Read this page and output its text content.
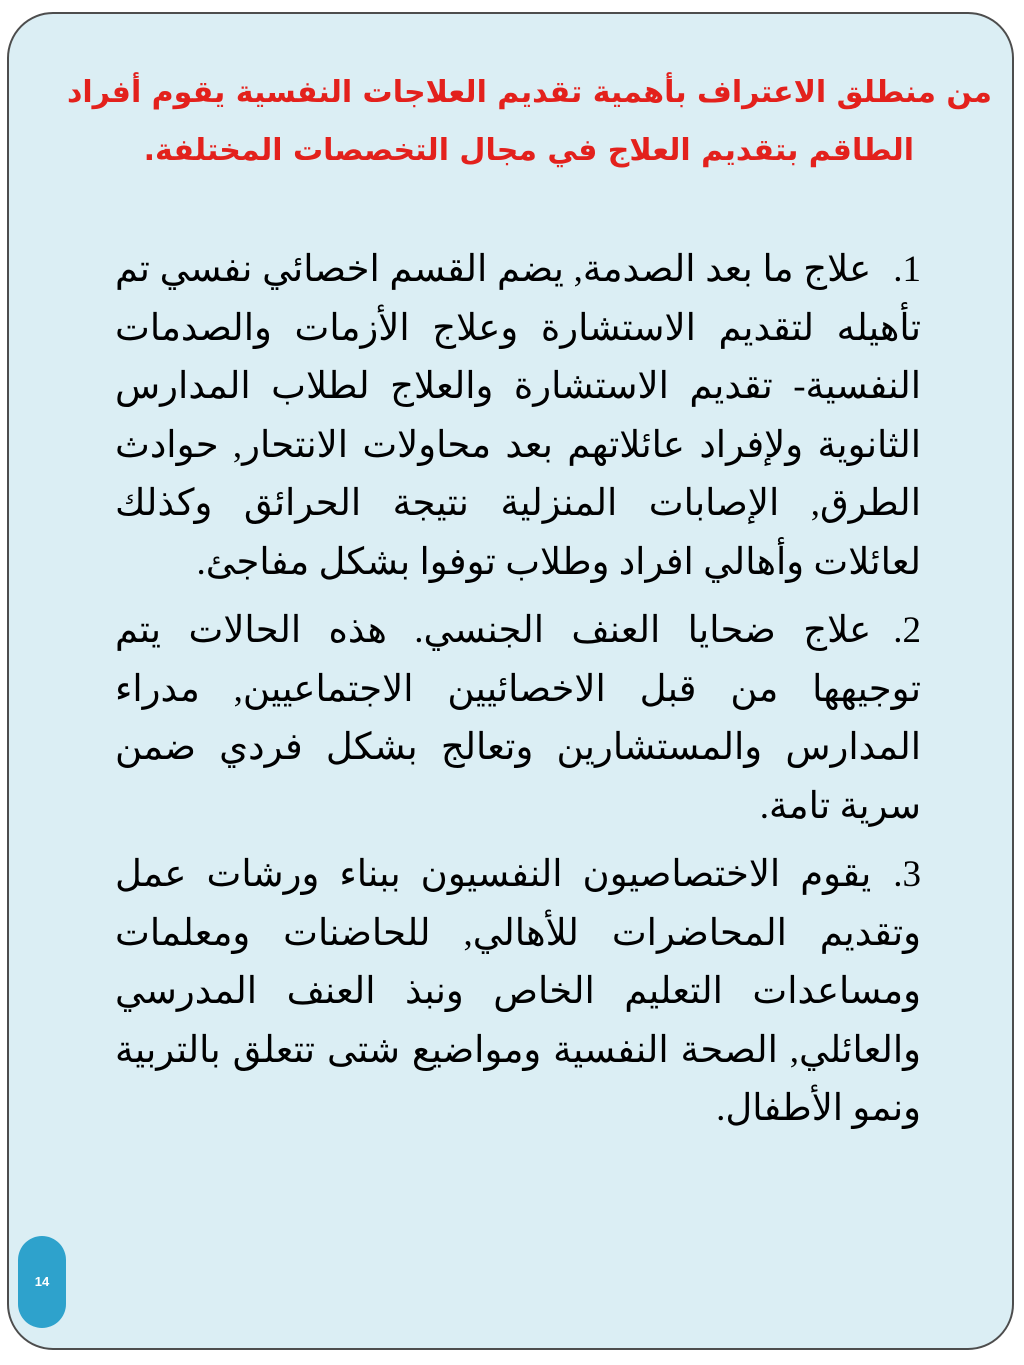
من منطلق الاعتراف بأهمية تقديم العلاجات النفسية يقوم أفراد
الطاقم بتقديم العلاج في مجال التخصصات المختلفة.

1.علاج ما بعد الصدمة, يضم القسم اخصائي نفسي تم تأهيله لتقديم الاستشارة وعلاج الأزمات والصدمات النفسية- تقديم الاستشارة والعلاج لطلاب المدارس الثانوية ولإفراد عائلاتهم بعد محاولات الانتحار, حوادث الطرق, الإصابات المنزلية نتيجة الحرائق وكذلك لعائلات وأهالي افراد وطلاب توفوا بشكل مفاجئ.

2.علاج ضحايا العنف الجنسي. هذه الحالات يتم توجيهها من قبل الاخصائيين الاجتماعيين, مدراء المدارس والمستشارين وتعالج بشكل فردي ضمن سرية تامة.

3.يقوم الاختصاصيون النفسيون ببناء ورشات عمل وتقديم المحاضرات للأهالي, للحاضنات ومعلمات ومساعدات التعليم الخاص ونبذ العنف المدرسي والعائلي, الصحة النفسية ومواضيع شتى تتعلق بالتربية ونمو الأطفال.

14
